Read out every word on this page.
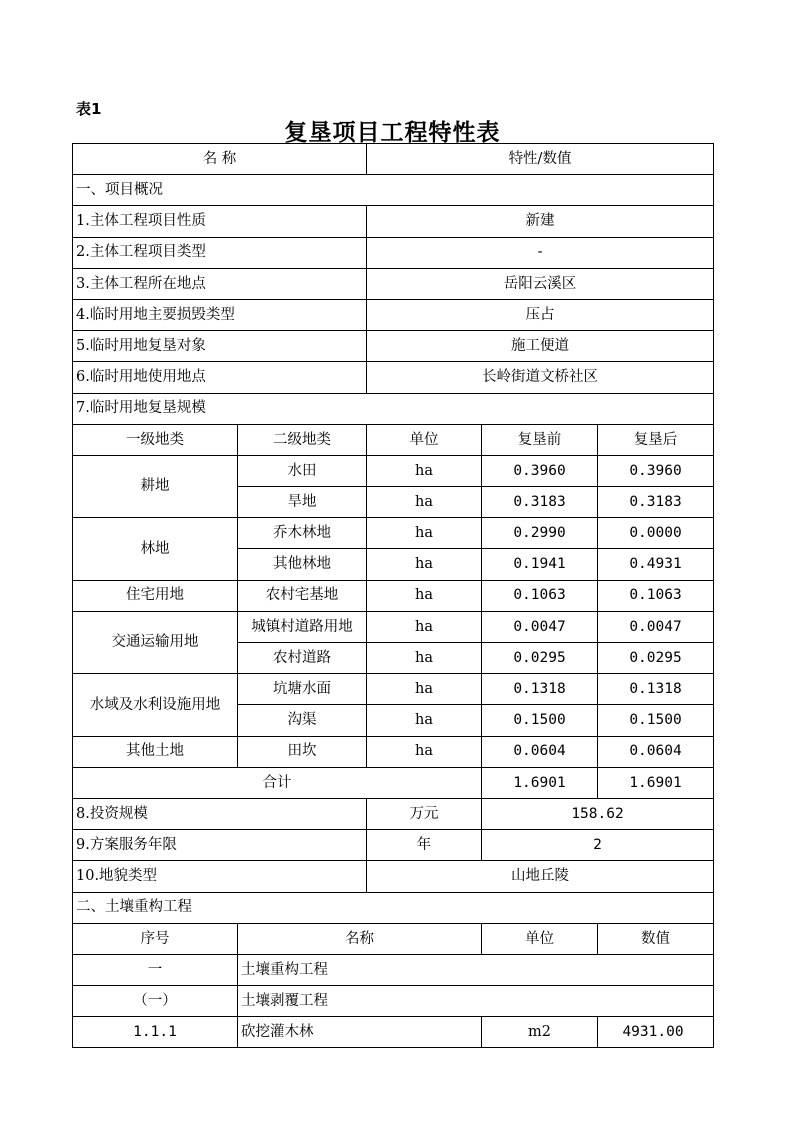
表1
复垦项目工程特性表
名 称		特性/数值		
一、项目概况				
1.主体工程项目性质		新建		
2.主体工程项目类型		-		
3.主体工程所在地点		岳阳云溪区		
4.临时用地主要损毁类型		压占		
5.临时用地复垦对象		施工便道		
6.临时用地使用地点		长岭街道文桥社区		
7.临时用地复垦规模				
一级地类	二级地类	单位	复垦前	复垦后
耕地	水田	ha	0.3960	0.3960
	旱地	ha	0.3183	0.3183
林地	乔木林地	ha	0.2990	0.0000
	其他林地	ha	0.1941	0.4931
住宅用地	农村宅基地	ha	0.1063	0.1063
交通运输用地	城镇村道路用地	ha	0.0047	0.0047
	农村道路	ha	0.0295	0.0295
水域及水利设施用地	坑塘水面	ha	0.1318	0.1318
	沟渠	ha	0.1500	0.1500
其他土地	田坎	ha	0.0604	0.0604
合计			1.6901	1.6901
8.投资规模		万元	158.62	
9.方案服务年限		年	2	
10.地貌类型		山地丘陵		
二、土壤重构工程				
序号	名称		单位	数值
一	土壤重构工程			
（一）	土壤剥覆工程			
1.1.1	砍挖灌木林		m2	4931.00
